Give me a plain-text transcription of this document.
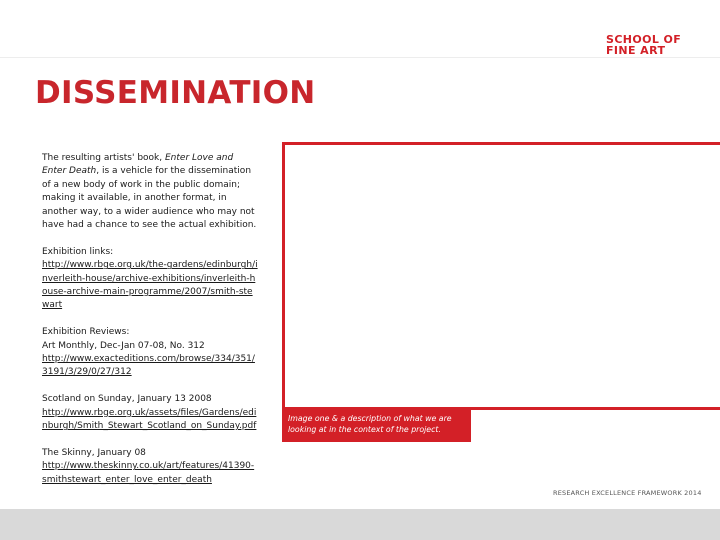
SCHOOL OF
FINE ART
DISSEMINATION

The resulting artists' book, Enter Love and Enter Death, is a vehicle for the dissemination of a new body of work in the public domain; making it available, in another format, in another way, to a wider audience who may not have had a chance to see the actual exhibition.

Exhibition links:
http://www.rbge.org.uk/the-gardens/edinburgh/inverleith-house/archive-exhibitions/inverleith-house-archive-main-programme/2007/smith-stewart

Exhibition Reviews:
Art Monthly, Dec-Jan 07-08, No. 312
http://www.exacteditions.com/browse/334/351/3191/3/29/0/27/312

Scotland on Sunday, January 13 2008
http://www.rbge.org.uk/assets/files/Gardens/edinburgh/Smith_Stewart_Scotland_on_Sunday.pdf

The Skinny, January 08
http://www.theskinny.co.uk/art/features/41390-smithstewart_enter_love_enter_death

Image one & a description of what we are looking at in the context of the project.
RESEARCH EXCELLENCE FRAMEWORK 2014
